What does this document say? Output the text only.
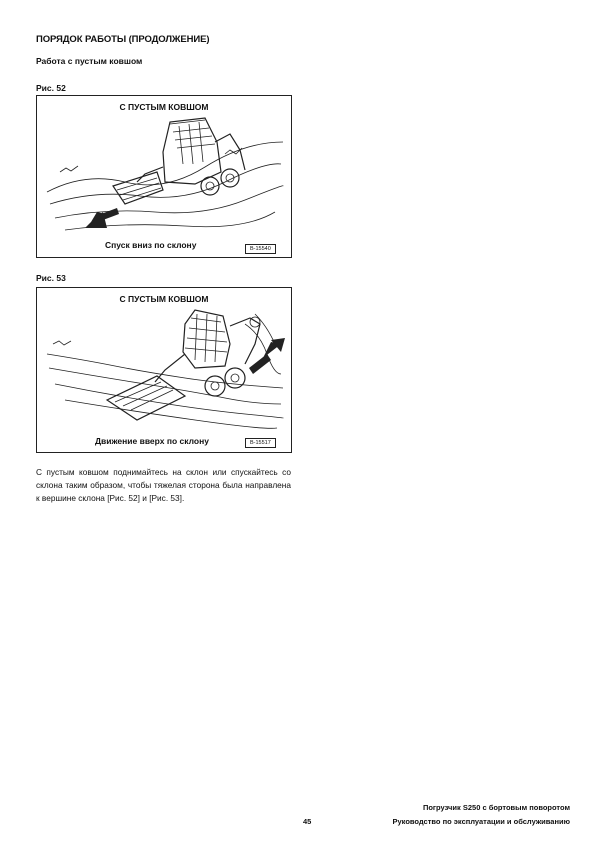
ПОРЯДОК РАБОТЫ (ПРОДОЛЖЕНИЕ)
Работа с пустым ковшом
Рис. 52
С ПУСТЫМ КОВШОМ
Спуск вниз по склону	B-15540
Рис. 53
С ПУСТЫМ КОВШОМ
Движение вверх по склону	B-15517
С пустым ковшом поднимайтесь на склон или спускайтесь со склона таким образом, чтобы тяжелая сторона была направлена к вершине склона [Рис. 52] и [Рис. 53].
Погрузчик S250 с бортовым поворотом
45	Руководство по эксплуатации и обслуживанию
